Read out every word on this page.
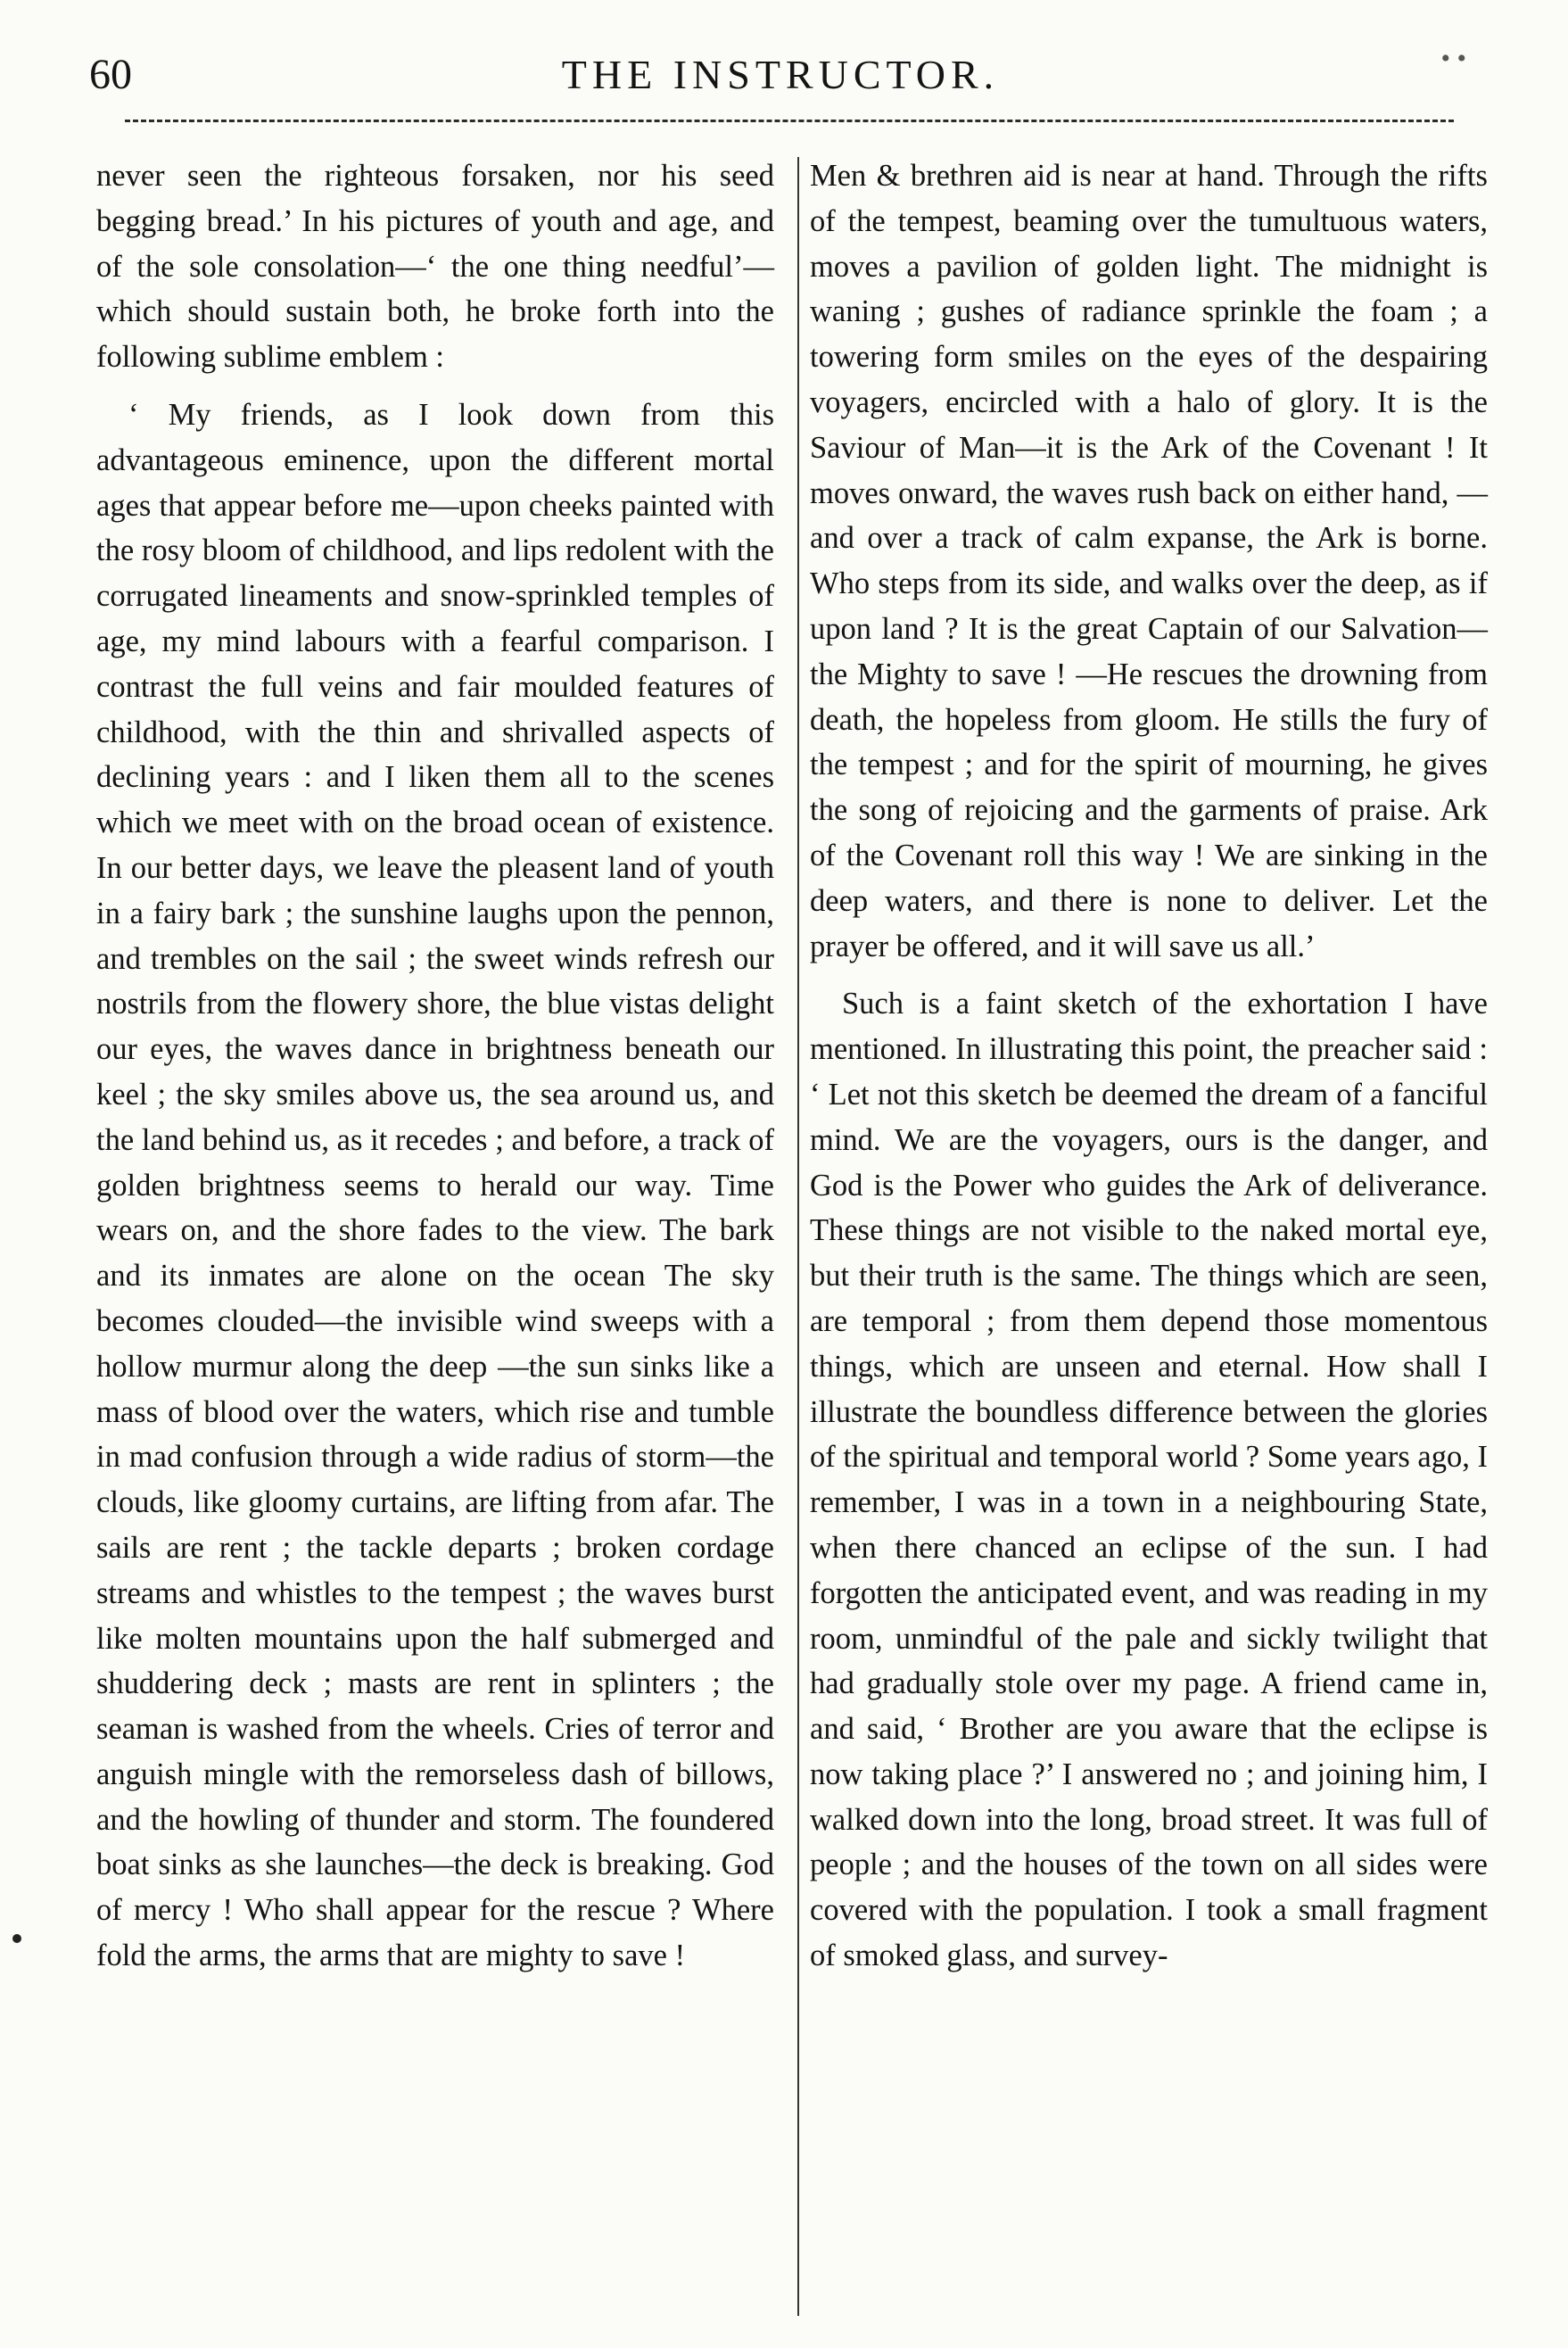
60	THE INSTRUCTOR.	• •

never seen the righteous forsaken, nor his seed begging bread.’ In his pictures of youth and age, and of the sole consolation—‘ the one thing needful’—which should sustain both, he broke forth into the following sublime emblem :

‘ My friends, as I look down from this advantageous eminence, upon the different mortal ages that appear before me—upon cheeks painted with the rosy bloom of childhood, and lips redolent with the corrugated lineaments and snow-sprinkled temples of age, my mind labours with a fearful comparison. I contrast the full veins and fair moulded features of childhood, with the thin and shrivalled aspects of declining years : and I liken them all to the scenes which we meet with on the broad ocean of existence. In our better days, we leave the pleasent land of youth in a fairy bark ; the sunshine laughs upon the pennon, and trembles on the sail ; the sweet winds refresh our nostrils from the flowery shore, the blue vistas delight our eyes, the waves dance in brightness beneath our keel ; the sky smiles above us, the sea around us, and the land behind us, as it recedes ; and before, a track of golden brightness seems to herald our way. Time wears on, and the shore fades to the view. The bark and its inmates are alone on the ocean The sky becomes clouded—the invisible wind sweeps with a hollow murmur along the deep —the sun sinks like a mass of blood over the waters, which rise and tumble in mad confusion through a wide radius of storm—the clouds, like gloomy curtains, are lifting from afar. The sails are rent ; the tackle departs ; broken cordage streams and whistles to the tempest ; the waves burst like molten mountains upon the half submerged and shuddering deck ; masts are rent in splinters ; the seaman is washed from the wheels. Cries of terror and anguish mingle with the remorseless dash of billows, and the howling of thunder and storm. The foundered boat sinks as she launches—the deck is breaking. God of mercy ! Who shall appear for the rescue ? Where fold the arms, the arms that are mighty to save !

Men & brethren aid is near at hand. Through the rifts of the tempest, beaming over the tumultuous waters, moves a pavilion of golden light. The midnight is waning ; gushes of radiance sprinkle the foam ; a towering form smiles on the eyes of the despairing voyagers, encircled with a halo of glory. It is the Saviour of Man—it is the Ark of the Covenant ! It moves onward, the waves rush back on either hand, —and over a track of calm expanse, the Ark is borne. Who steps from its side, and walks over the deep, as if upon land ? It is the great Captain of our Salvation—the Mighty to save ! —He rescues the drowning from death, the hopeless from gloom. He stills the fury of the tempest ; and for the spirit of mourning, he gives the song of rejoicing and the garments of praise. Ark of the Covenant roll this way ! We are sinking in the deep waters, and there is none to deliver. Let the prayer be offered, and it will save us all.’

Such is a faint sketch of the exhortation I have mentioned. In illustrating this point, the preacher said : ‘ Let not this sketch be deemed the dream of a fanciful mind. We are the voyagers, ours is the danger, and God is the Power who guides the Ark of deliverance. These things are not visible to the naked mortal eye, but their truth is the same. The things which are seen, are temporal ; from them depend those momentous things, which are unseen and eternal. How shall I illustrate the boundless difference between the glories of the spiritual and temporal world ? Some years ago, I remember, I was in a town in a neighbouring State, when there chanced an eclipse of the sun. I had forgotten the anticipated event, and was reading in my room, unmindful of the pale and sickly twilight that had gradually stole over my page. A friend came in, and said, ‘ Brother are you aware that the eclipse is now taking place ?’ I answered no ; and joining him, I walked down into the long, broad street. It was full of people ; and the houses of the town on all sides were covered with the population. I took a small fragment of smoked glass, and survey-
